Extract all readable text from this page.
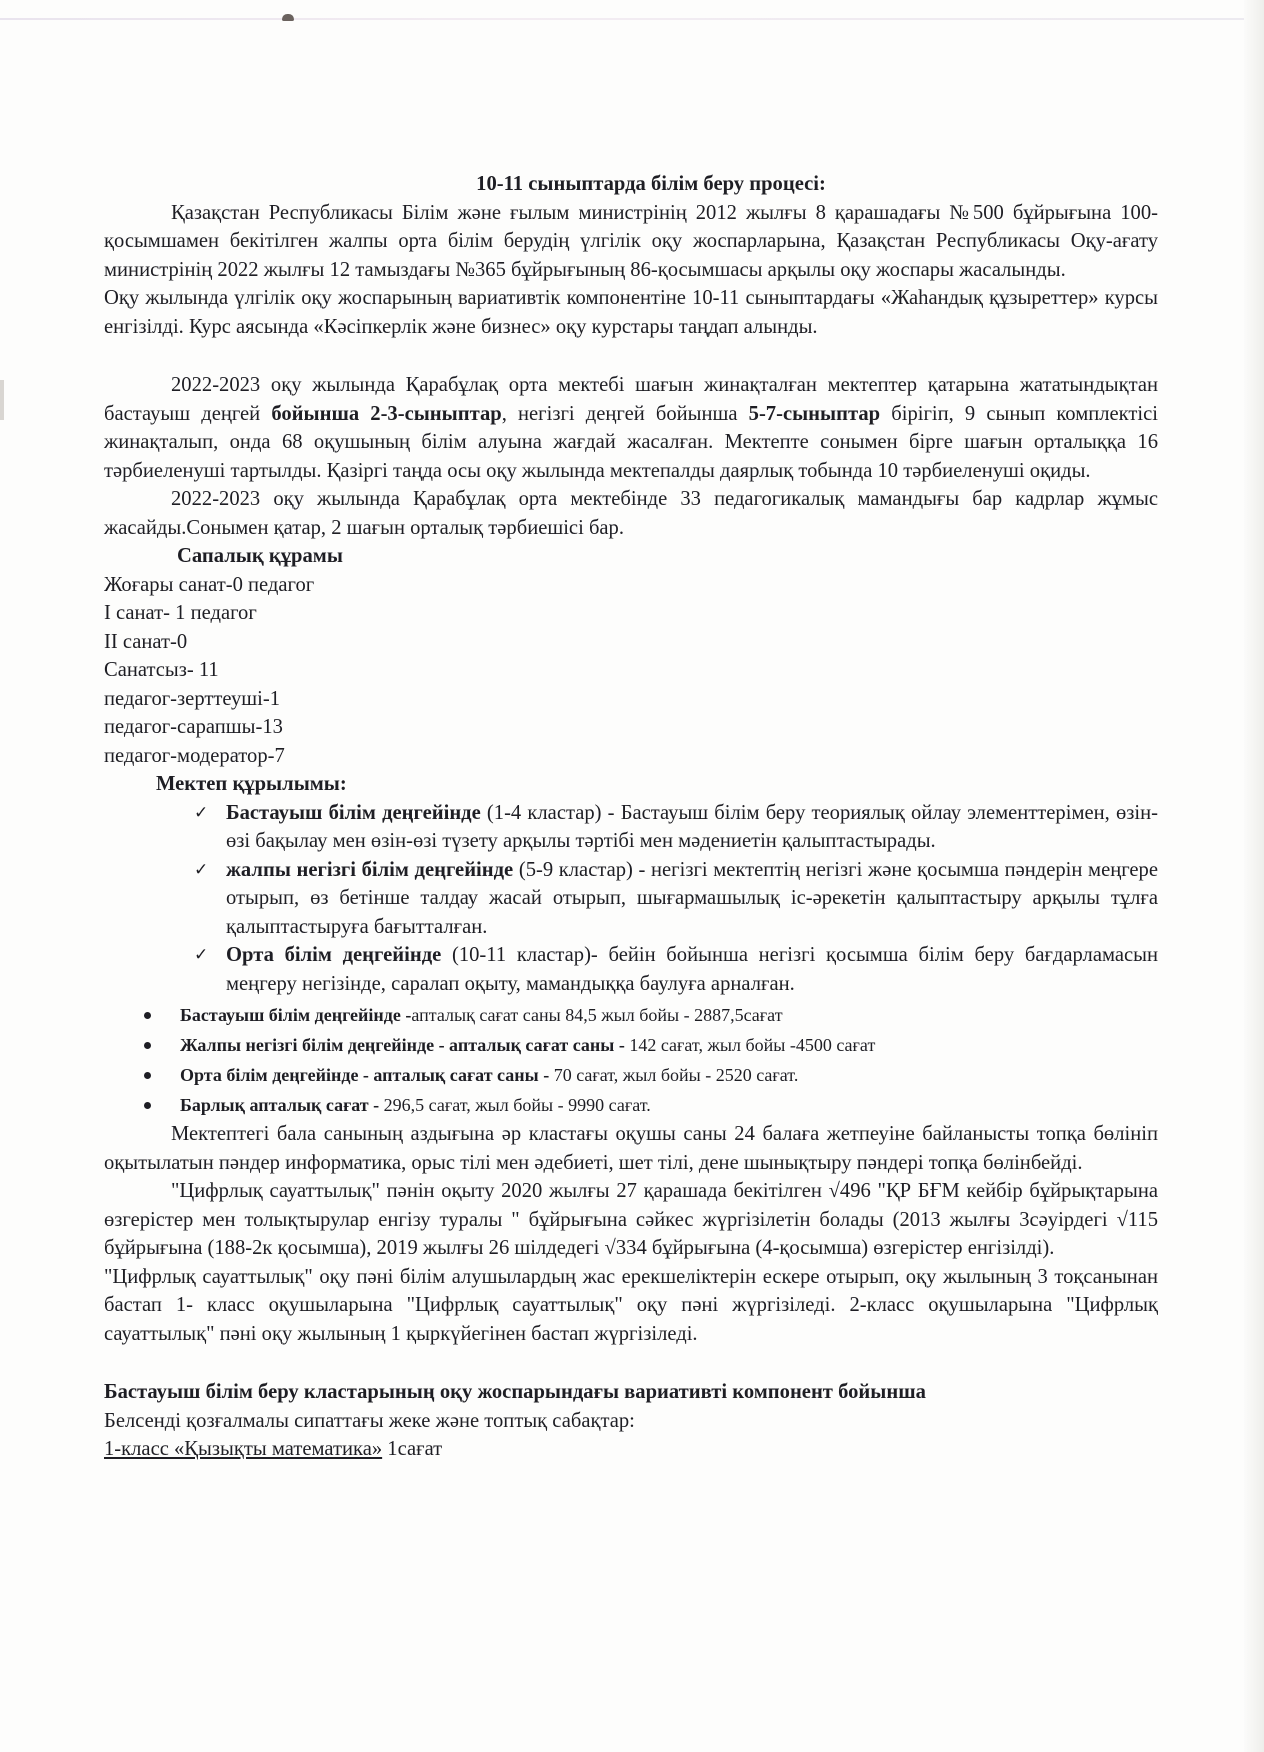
10-11 сыныптарда білім беру процесі:

Қазақстан Республикасы Білім және ғылым министрінің 2012 жылғы 8 қарашадағы №500 бұйрығына 100-қосымшамен бекітілген жалпы орта білім берудің үлгілік оқу жоспарларына, Қазақстан Республикасы Оқу-ағату министрінің 2022 жылғы 12 тамыздағы №365 бұйрығының 86-қосымшасы арқылы оқу жоспары жасалынды.

Оқу жылында үлгілік оқу жоспарының вариативтік компонентіне 10-11 сыныптардағы «Жаһандық құзыреттер» курсы енгізілді. Курс аясында «Кәсіпкерлік және бизнес» оқу курстары таңдап алынды.

2022-2023 оқу жылында Қарабұлақ орта мектебі шағын жинақталған мектептер қатарына жататындықтан бастауыш деңгей бойынша 2-3-сыныптар, негізгі деңгей бойынша 5-7-сыныптар бірігіп, 9 сынып комплектісі жинақталып, онда 68 оқушының білім алуына жағдай жасалған. Мектепте сонымен бірге шағын орталыққа 16 тәрбиеленуші тартылды. Қазіргі таңда осы оқу жылында мектепалды даярлық тобында 10 тәрбиеленуші оқиды.

2022-2023 оқу жылында Қарабұлақ орта мектебінде 33 педагогикалық мамандығы бар кадрлар жұмыс жасайды.Сонымен қатар, 2 шағын орталық тәрбиешісі бар.

Сапалық құрамы
Жоғары санат-0 педагог
I санат- 1 педагог
II санат-0
Санатсыз- 11
педагог-зерттеуші-1
педагог-сарапшы-13
педагог-модератор-7
Мектеп құрылымы:
✓ Бастауыш білім деңгейінде (1-4 кластар) - Бастауыш білім беру теориялық ойлау элементтерімен, өзін-өзі бақылау мен өзін-өзі түзету арқылы тәртібі мен мәдениетін қалыптастырады.
✓ жалпы негізгі білім деңгейінде (5-9 кластар) - негізгі мектептің негізгі және қосымша пәндерін меңгере отырып, өз бетінше талдау жасай отырып, шығармашылық іс-әрекетін қалыптастыру арқылы тұлға қалыптастыруға бағытталған.
✓ Орта білім деңгейінде (10-11 кластар)- бейін бойынша негізгі қосымша білім беру бағдарламасын меңгеру негізінде, саралап оқыту, мамандыққа баулуға арналған.
Бастауыш білім деңгейінде -апталық сағат саны 84,5 жыл бойы - 2887,5сағат
Жалпы негізгі білім деңгейінде - апталық сағат саны - 142 сағат, жыл бойы -4500 сағат
Орта білім деңгейінде - апталық сағат саны - 70 сағат, жыл бойы - 2520 сағат.
Барлық апталық сағат - 296,5 сағат, жыл бойы - 9990 сағат.

Мектептегі бала санының аздығына әр кластағы оқушы саны 24 балаға жетпеуіне байланысты топқа бөлініп оқытылатын пәндер информатика, орыс тілі мен әдебиеті, шет тілі, дене шынықтыру пәндері топқа бөлінбейді.

"Цифрлық сауаттылық" пәнін оқыту 2020 жылғы 27 қарашада бекітілген √496 "ҚР БҒМ кейбір бұйрықтарына өзгерістер мен толықтырулар енгізу туралы " бұйрығына сәйкес жүргізілетін болады (2013 жылғы 3сәуірдегі √115 бұйрығына (188-2к қосымша), 2019 жылғы 26 шілдедегі √334 бұйрығына (4-қосымша) өзгерістер енгізілді).

"Цифрлық сауаттылық" оқу пәні білім алушылардың жас ерекшеліктерін ескере отырып, оқу жылының 3 тоқсанынан бастап 1- класс оқушыларына "Цифрлық сауаттылық" оқу пәні жүргізіледі. 2-класс оқушыларына "Цифрлық сауаттылық" пәні оқу жылының 1 қыркүйегінен бастап жүргізіледі.

Бастауыш білім беру кластарының оқу жоспарындағы вариативті компонент бойынша
Белсенді қозғалмалы сипаттағы жеке және топтық сабақтар:
1-класс «Қызықты математика» 1сағат
